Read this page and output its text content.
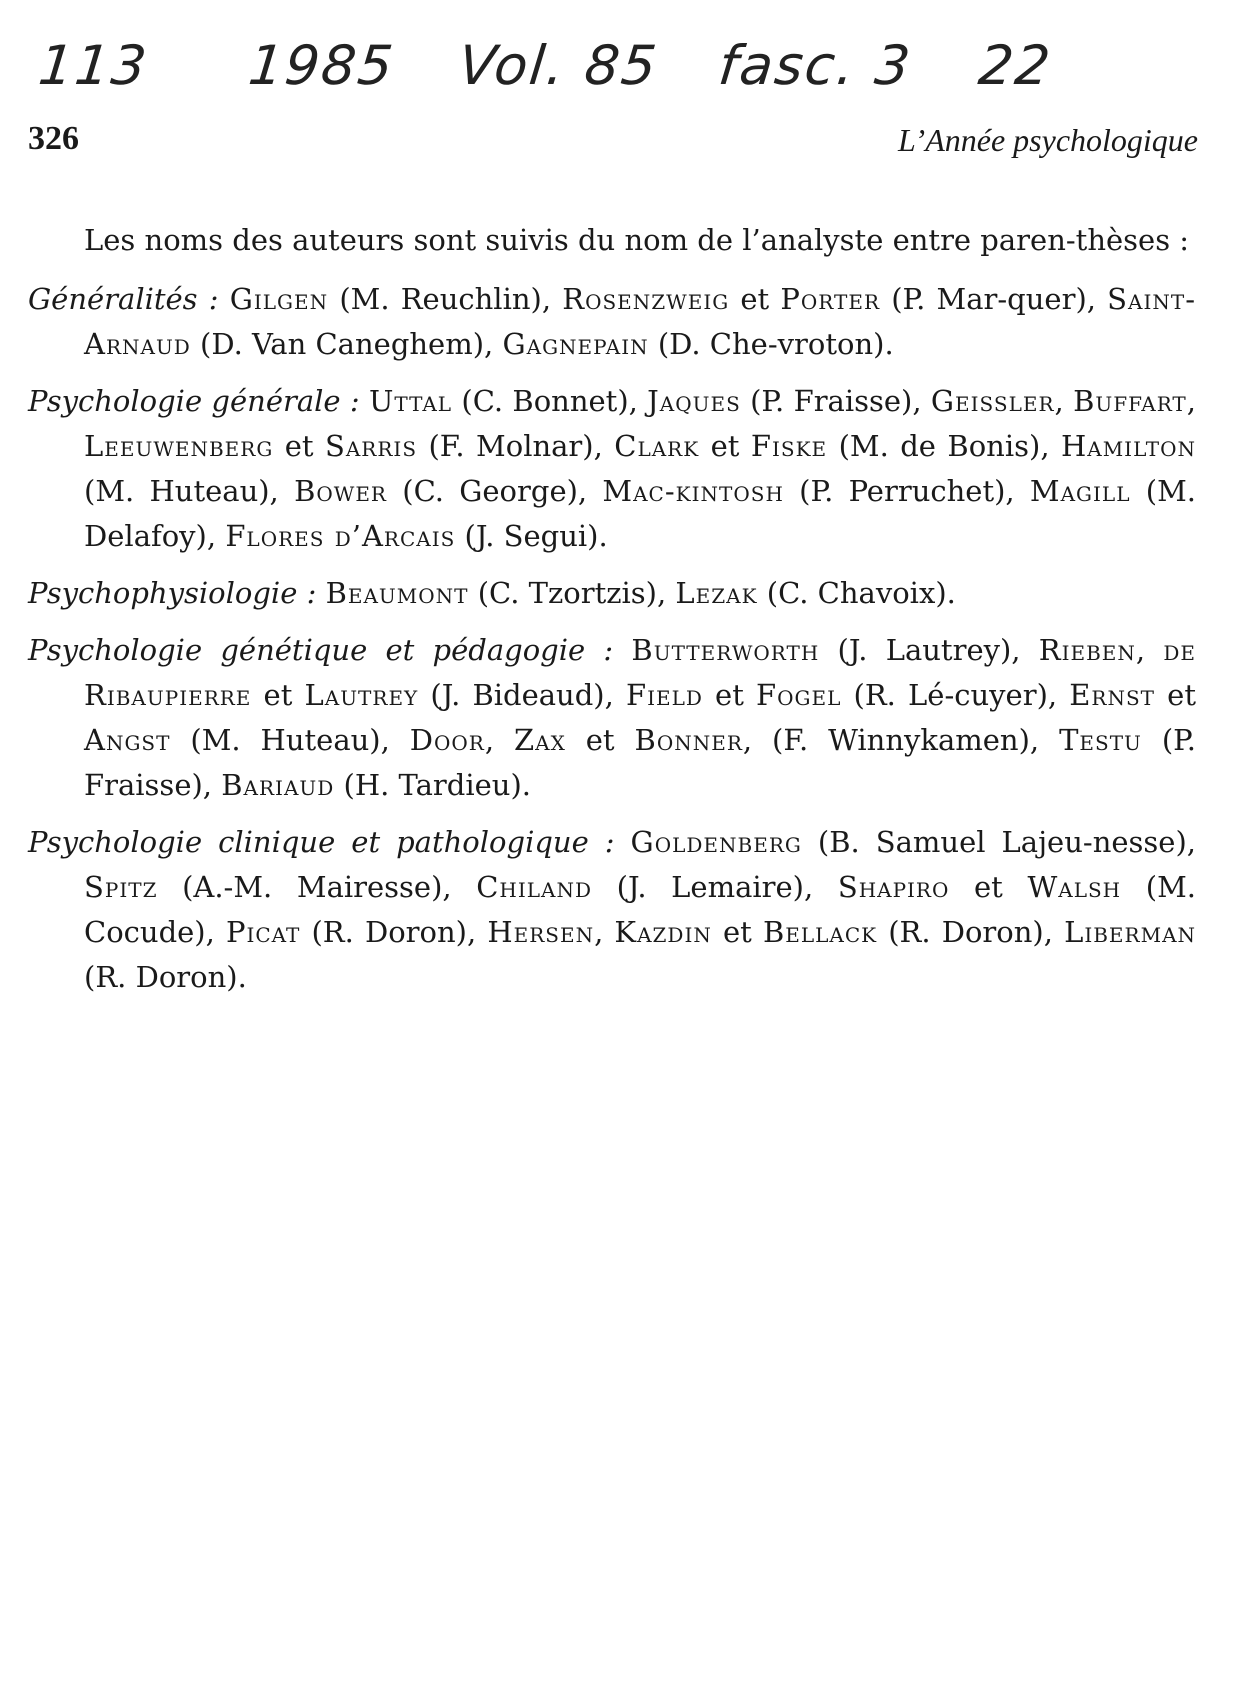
113 1985 Vol. 85 fasc. 3 22
326	L’Année psychologique

Les noms des auteurs sont suivis du nom de l’analyste entre paren-thèses :

Généralités : Gilgen (M. Reuchlin), Rosenzweig et Porter (P. Mar-quer), Saint-Arnaud (D. Van Caneghem), Gagnepain (D. Che-vroton).

Psychologie générale : Uttal (C. Bonnet), Jaques (P. Fraisse), Geissler, Buffart, Leeuwenberg et Sarris (F. Molnar), Clark et Fiske (M. de Bonis), Hamilton (M. Huteau), Bower (C. George), Mac-kintosh (P. Perruchet), Magill (M. Delafoy), Flores d’Arcais (J. Segui).

Psychophysiologie : Beaumont (C. Tzortzis), Lezak (C. Chavoix).

Psychologie génétique et pédagogie : Butterworth (J. Lautrey), Rieben, de Ribaupierre et Lautrey (J. Bideaud), Field et Fogel (R. Lé-cuyer), Ernst et Angst (M. Huteau), Door, Zax et Bonner, (F. Winnykamen), Testu (P. Fraisse), Bariaud (H. Tardieu).

Psychologie clinique et pathologique : Goldenberg (B. Samuel Lajeu-nesse), Spitz (A.-M. Mairesse), Chiland (J. Lemaire), Shapiro et Walsh (M. Cocude), Picat (R. Doron), Hersen, Kazdin et Bellack (R. Doron), Liberman (R. Doron).
